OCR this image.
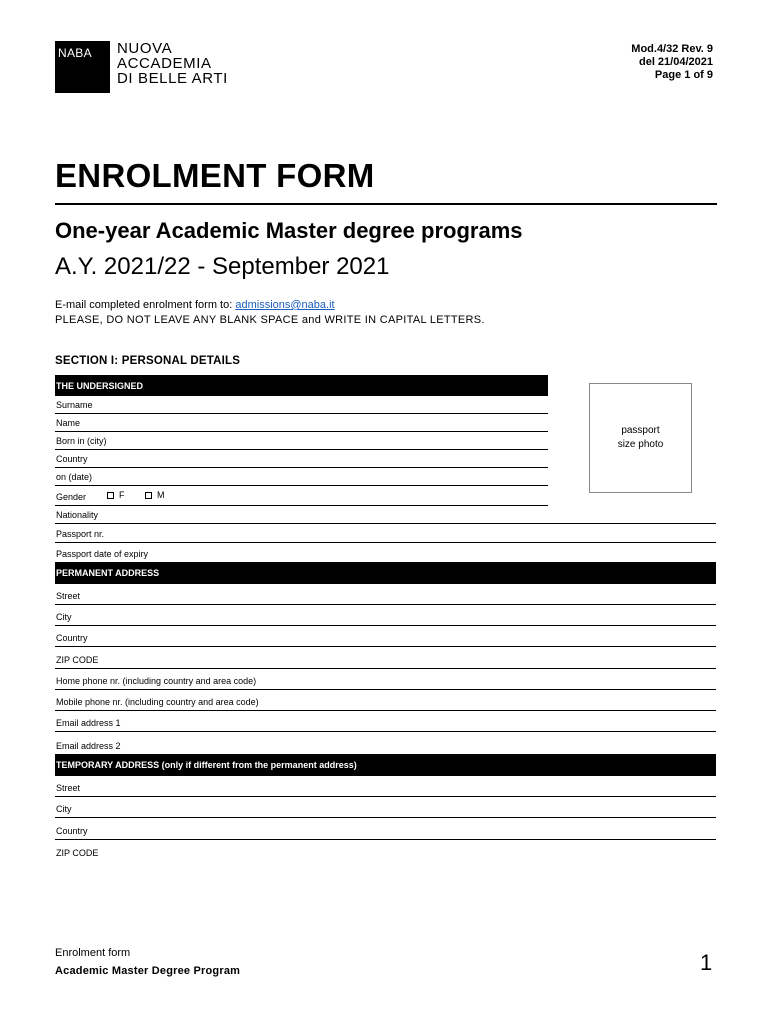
NABA	NUOVA
ACCADEMIA
DI BELLE ARTI
Mod.4/32 Rev. 9
del 21/04/2021
Page 1 of 9
ENROLMENT FORM
One-year Academic Master degree programs
A.Y. 2021/22 - September 2021
E-mail completed enrolment form to: admissions@naba.it
PLEASE, DO NOT LEAVE ANY BLANK SPACE and WRITE IN CAPITAL LETTERS.
SECTION I: PERSONAL DETAILS
THE UNDERSIGNED
Surname
Name
Born in (city)
Country
on (date)
Gender	F	M
Nationality
Passport nr.
Passport date of expiry
passport
size photo
PERMANENT ADDRESS
Street
City
Country
ZIP CODE
Home phone nr. (including country and area code)
Mobile phone nr. (including country and area code)
Email address 1
Email address 2
TEMPORARY ADDRESS (only if different from the permanent address)
Street
City
Country
ZIP CODE
Enrolment form
Academic Master Degree Program	1
